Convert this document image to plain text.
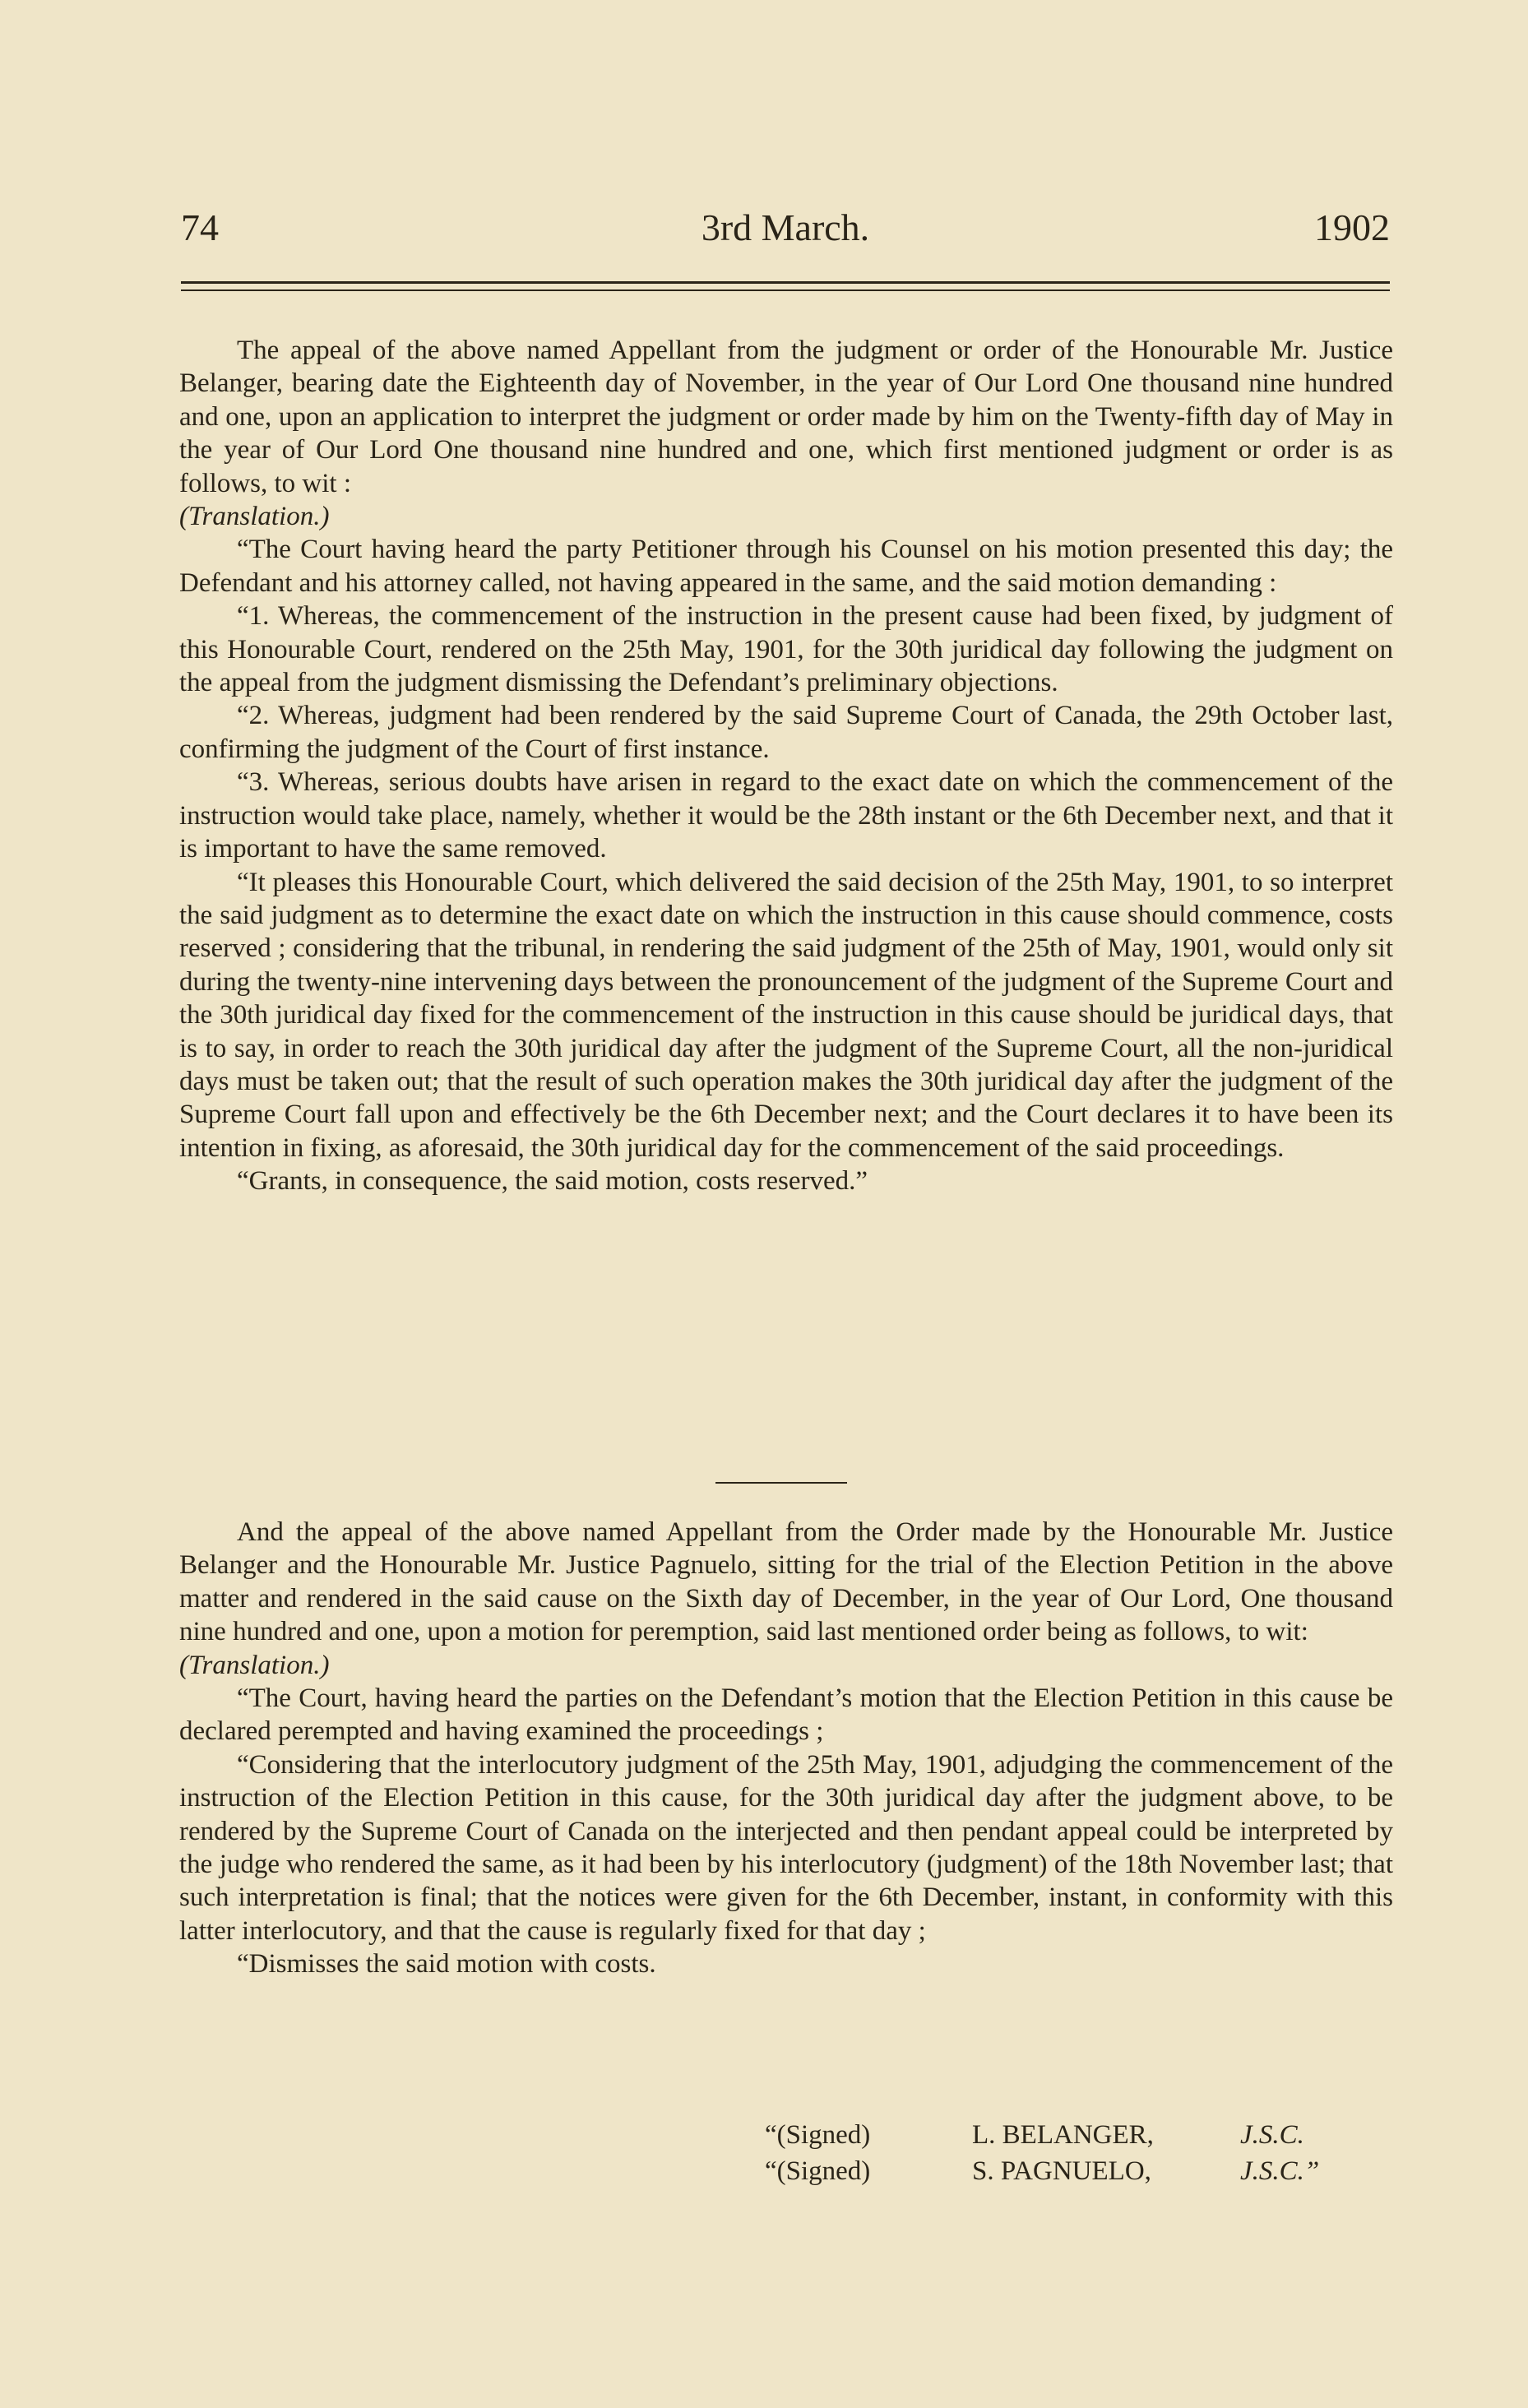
74	3rd March.	1902

The appeal of the above named Appellant from the judgment or order of the Honourable Mr. Justice Belanger, bearing date the Eighteenth day of November, in the year of Our Lord One thousand nine hundred and one, upon an application to interpret the judgment or order made by him on the Twenty-fifth day of May in the year of Our Lord One thousand nine hundred and one, which first mentioned judgment or order is as follows, to wit :

(Translation.)

“The Court having heard the party Petitioner through his Counsel on his motion presented this day; the Defendant and his attorney called, not having appeared in the same, and the said motion demanding :

“1. Whereas, the commencement of the instruction in the present cause had been fixed, by judgment of this Honourable Court, rendered on the 25th May, 1901, for the 30th juridical day following the judgment on the appeal from the judgment dismissing the Defendant’s preliminary objections.

“2. Whereas, judgment had been rendered by the said Supreme Court of Canada, the 29th October last, confirming the judgment of the Court of first instance.

“3. Whereas, serious doubts have arisen in regard to the exact date on which the commencement of the instruction would take place, namely, whether it would be the 28th instant or the 6th December next, and that it is important to have the same removed.

“It pleases this Honourable Court, which delivered the said decision of the 25th May, 1901, to so interpret the said judgment as to determine the exact date on which the instruction in this cause should commence, costs reserved ; considering that the tribunal, in rendering the said judgment of the 25th of May, 1901, would only sit during the twenty-nine intervening days between the pronouncement of the judgment of the Supreme Court and the 30th juridical day fixed for the commencement of the instruction in this cause should be juridical days, that is to say, in order to reach the 30th juridical day after the judgment of the Supreme Court, all the non-juridical days must be taken out; that the result of such operation makes the 30th juridical day after the judgment of the Supreme Court fall upon and effectively be the 6th December next; and the Court declares it to have been its intention in fixing, as aforesaid, the 30th juridical day for the commencement of the said proceedings.

“Grants, in consequence, the said motion, costs reserved.”

And the appeal of the above named Appellant from the Order made by the Honourable Mr. Justice Belanger and the Honourable Mr. Justice Pagnuelo, sitting for the trial of the Election Petition in the above matter and rendered in the said cause on the Sixth day of December, in the year of Our Lord, One thousand nine hundred and one, upon a motion for peremption, said last mentioned order being as follows, to wit:

(Translation.)

“The Court, having heard the parties on the Defendant’s motion that the Election Petition in this cause be declared perempted and having examined the proceedings ;

“Considering that the interlocutory judgment of the 25th May, 1901, adjudging the commencement of the instruction of the Election Petition in this cause, for the 30th juridical day after the judgment above, to be rendered by the Supreme Court of Canada on the interjected and then pendant appeal could be interpreted by the judge who rendered the same, as it had been by his interlocutory (judgment) of the 18th November last; that such interpretation is final; that the notices were given for the 6th December, instant, in conformity with this latter interlocutory, and that the cause is regularly fixed for that day ;

“Dismisses the said motion with costs.

“(Signed)	L. BELANGER,	J.S.C.
“(Signed)	S. PAGNUELO,	J.S.C.”
